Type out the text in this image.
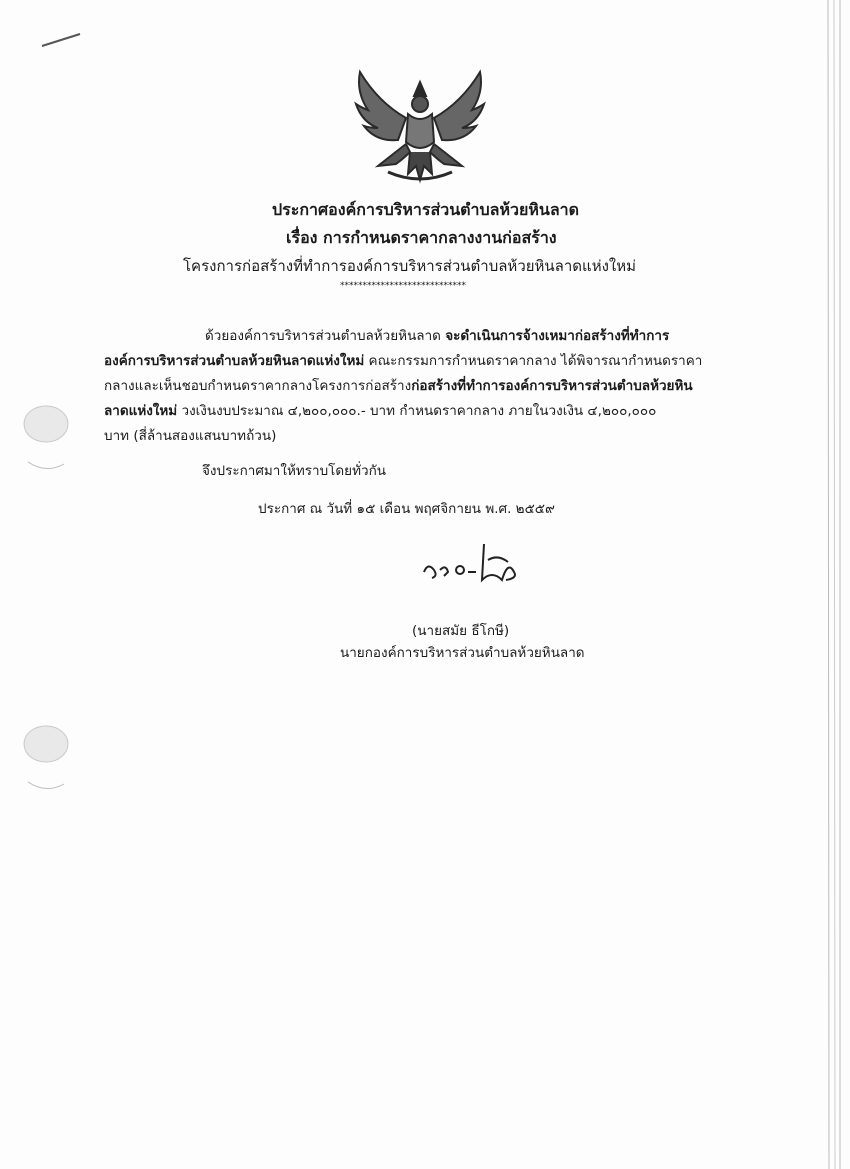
ประกาศองค์การบริหารส่วนตำบลห้วยหินลาด
เรื่อง การกำหนดราคากลางงานก่อสร้าง
โครงการก่อสร้างที่ทำการองค์การบริหารส่วนตำบลห้วยหินลาดแห่งใหม่
****************************
ด้วยองค์การบริหารส่วนตำบลห้วยหินลาด จะดำเนินการจ้างเหมาก่อสร้างที่ทำการ
องค์การบริหารส่วนตำบลห้วยหินลาดแห่งใหม่ คณะกรรมการกำหนดราคากลาง ได้พิจารณากำหนดราคา
กลางและเห็นชอบกำหนดราคากลางโครงการก่อสร้างก่อสร้างที่ทำการองค์การบริหารส่วนตำบลห้วยหิน
ลาดแห่งใหม่ วงเงินงบประมาณ ๔,๒๐๐,๐๐๐.- บาท กำหนดราคากลาง ภายในวงเงิน ๔,๒๐๐,๐๐๐
บาท (สี่ล้านสองแสนบาทถ้วน)
จึงประกาศมาให้ทราบโดยทั่วกัน
ประกาศ ณ วันที่ ๑๕ เดือน พฤศจิกายน พ.ศ. ๒๕๕๙
(นายสมัย ธีโกษี)
นายกองค์การบริหารส่วนตำบลห้วยหินลาด
